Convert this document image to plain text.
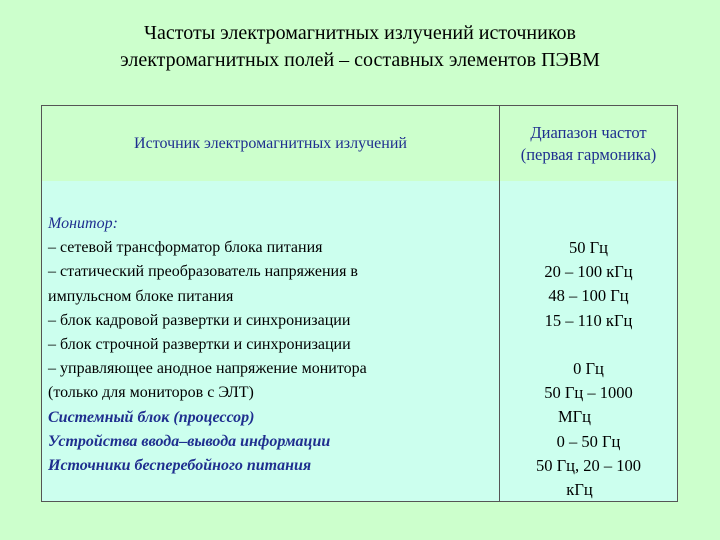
Частоты электромагнитных излучений источников
электромагнитных полей – составных элементов ПЭВМ
Источник электромагнитных излучений
Диапазон частот
(первая гармоника)
Монитор:
– сетевой трансформатор блока питания
– статический преобразователь напряжения в
импульсном блоке питания
– блок кадровой развертки и синхронизации
– блок строчной развертки и синхронизации
– управляющее анодное напряжение монитора
(только для мониторов с ЭЛТ)
Системный блок (процессор)
Устройства ввода–вывода информации
Источники бесперебойного питания
50 Гц
20 – 100 кГц
48 – 100 Гц
15 – 110 кГц
0 Гц
50 Гц – 1000
МГц
0 – 50 Гц
50 Гц, 20 – 100
кГц
